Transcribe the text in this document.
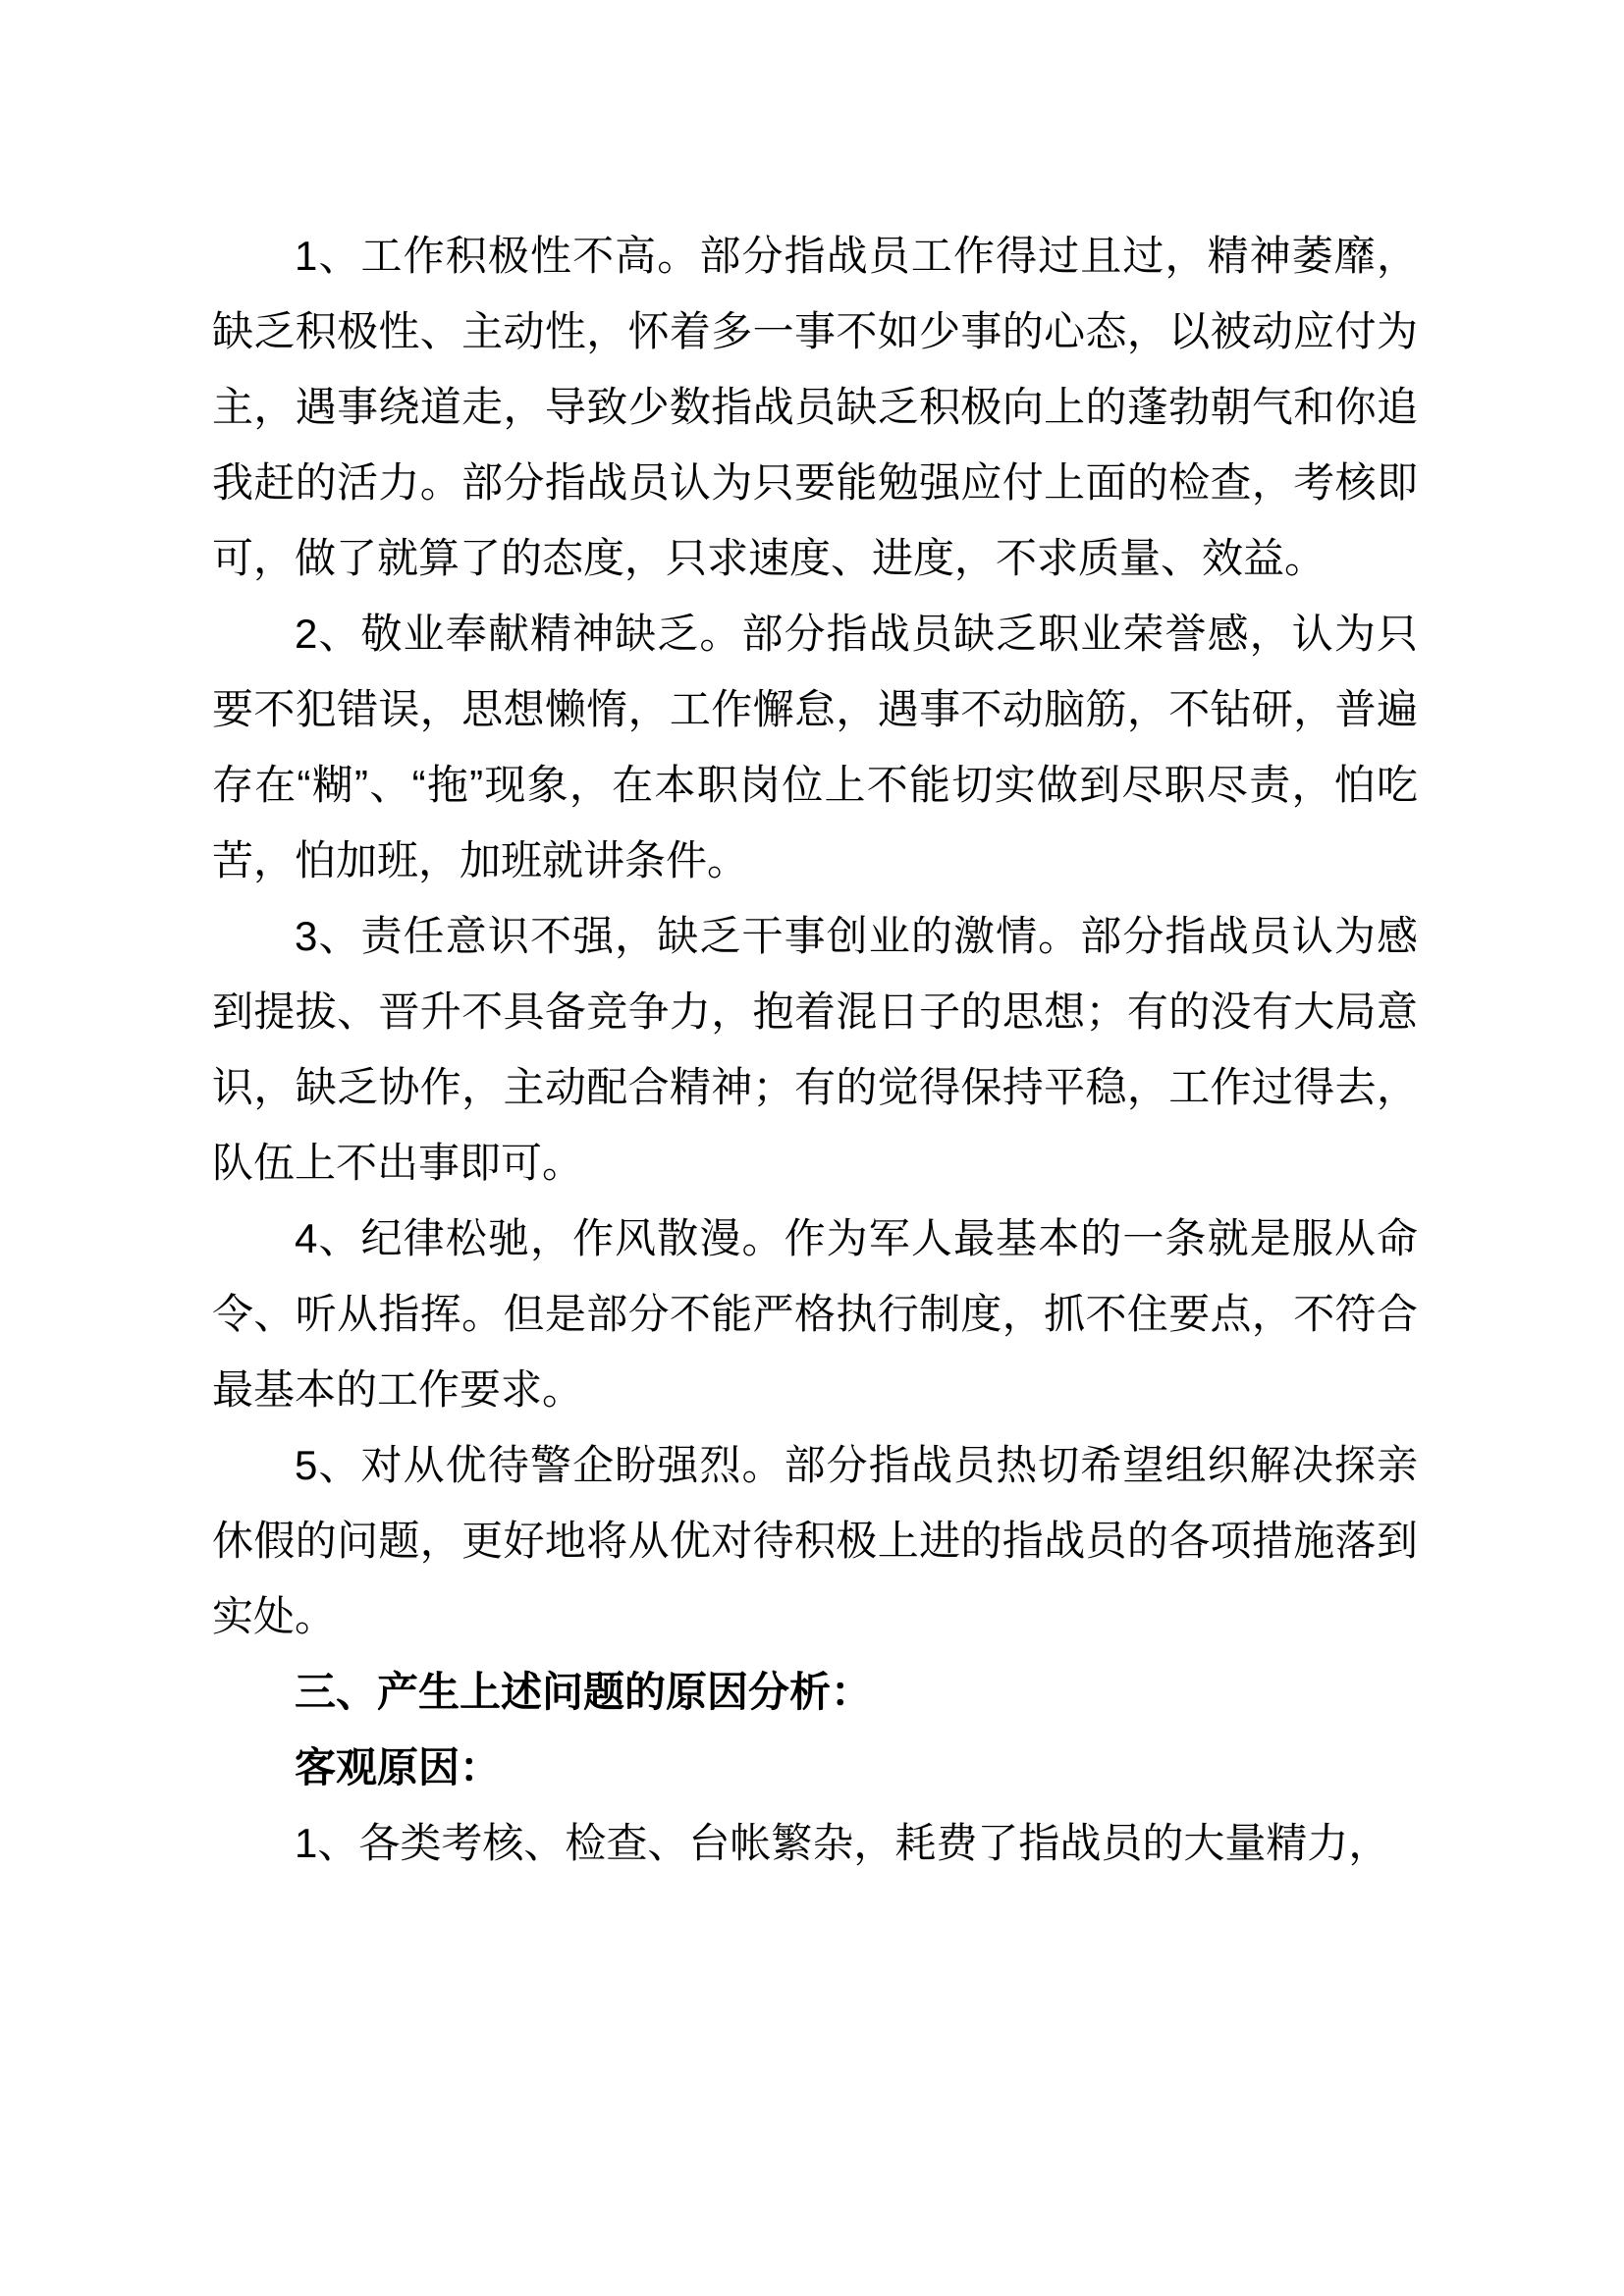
1、工作积极性不高。部分指战员工作得过且过，精神萎靡，缺乏积极性、主动性，怀着多一事不如少事的心态，以被动应付为主，遇事绕道走，导致少数指战员缺乏积极向上的蓬勃朝气和你追我赶的活力。部分指战员认为只要能勉强应付上面的检查，考核即可，做了就算了的态度，只求速度、进度，不求质量、效益。

2、敬业奉献精神缺乏。部分指战员缺乏职业荣誉感，认为只要不犯错误，思想懒惰，工作懈怠，遇事不动脑筋，不钻研，普遍存在“糊”、“拖”现象，在本职岗位上不能切实做到尽职尽责，怕吃苦，怕加班，加班就讲条件。

3、责任意识不强，缺乏干事创业的激情。部分指战员认为感到提拔、晋升不具备竞争力，抱着混日子的思想；有的没有大局意识，缺乏协作，主动配合精神；有的觉得保持平稳，工作过得去，队伍上不出事即可。

4、纪律松驰，作风散漫。作为军人最基本的一条就是服从命令、听从指挥。但是部分不能严格执行制度，抓不住要点，不符合最基本的工作要求。

5、对从优待警企盼强烈。部分指战员热切希望组织解决探亲休假的问题，更好地将从优对待积极上进的指战员的各项措施落到实处。

三、产生上述问题的原因分析：

客观原因：

1、各类考核、检查、台帐繁杂，耗费了指战员的大量精力，
